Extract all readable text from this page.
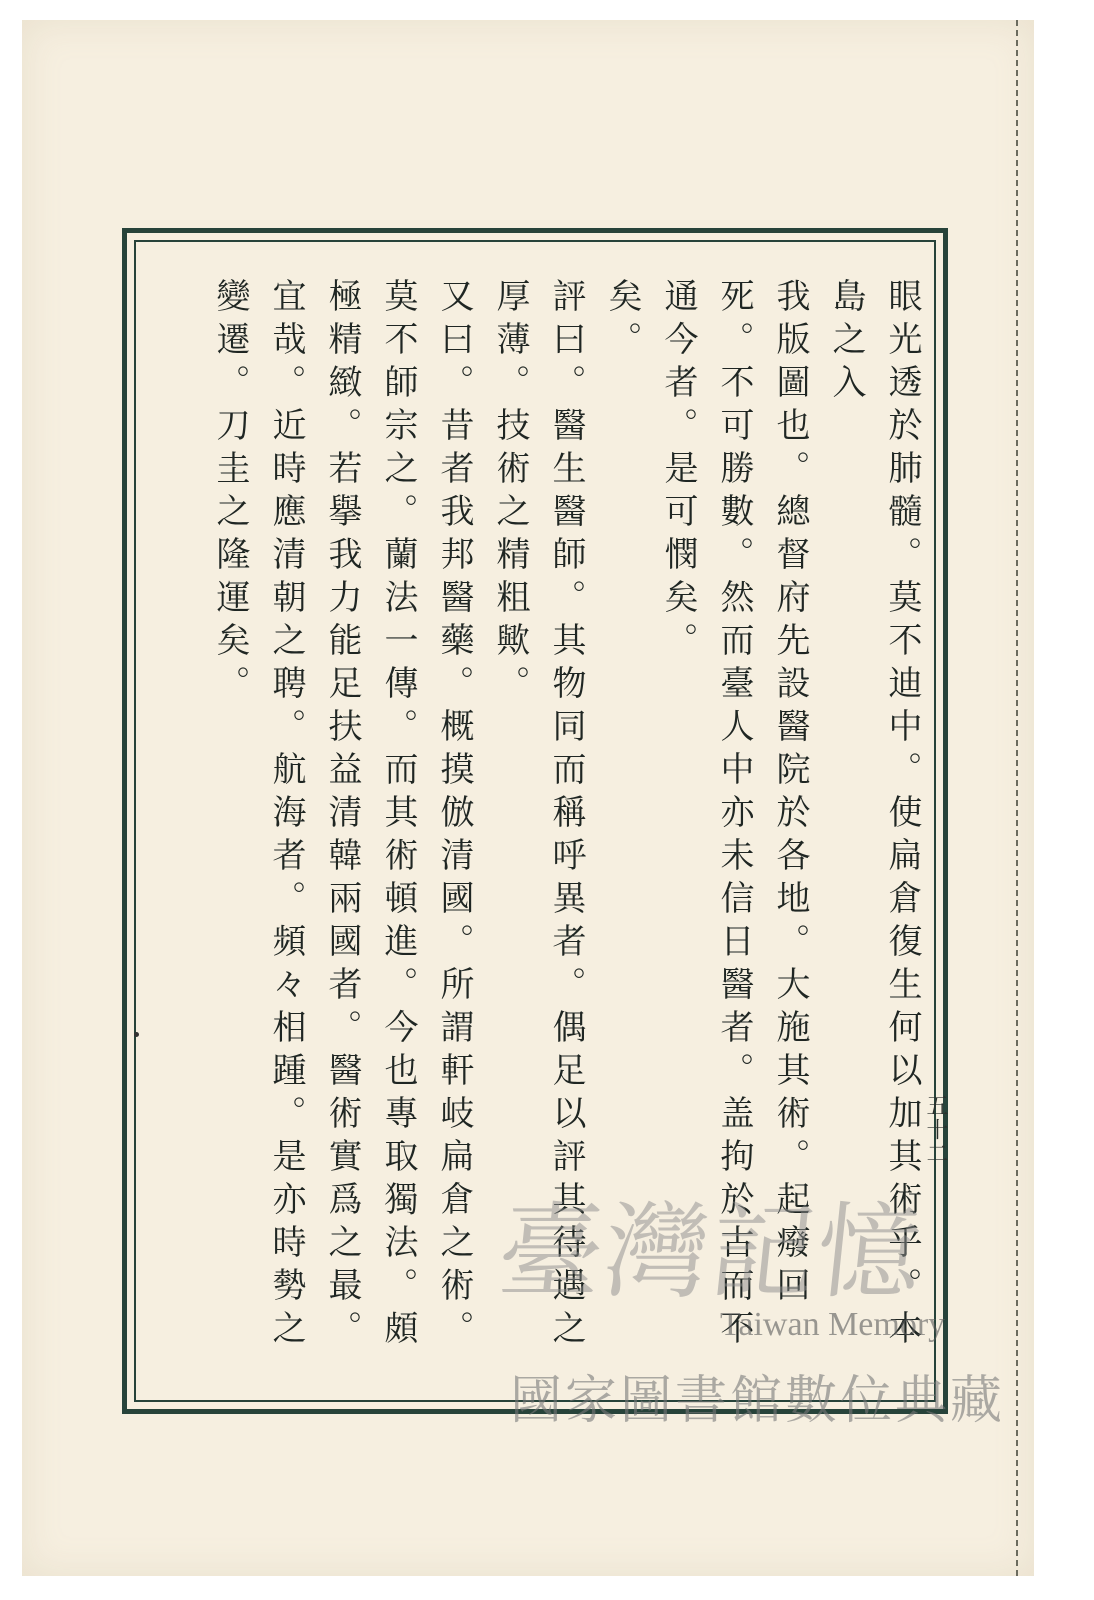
眼光透於肺髓。莫不迪中。使扁倉復生何以加其術乎。本島之入

我版圖也。總督府先設醫院於各地。大施其術。起癈回死。不可勝數。然而臺人中亦未信日醫者。盖拘於古而不通今者。是可憫矣。

矣。

評曰。醫生醫師。其物同而稱呼異者。偶足以評其待遇之厚薄。技術之精粗歟。

又曰。昔者我邦醫藥。概摸倣清國。所謂軒岐扁倉之術。莫不師宗之。蘭法一傳。而其術頓進。今也專取獨法。頗極精緻。若擧我力能足扶益清韓兩國者。醫術實爲之最。宜哉。近時應清朝之聘。航海者。頻々相踵。是亦時勢之變遷。刀圭之隆運矣。

五十二
臺灣記憶
Taiwan Memory
國家圖書館數位典藏
